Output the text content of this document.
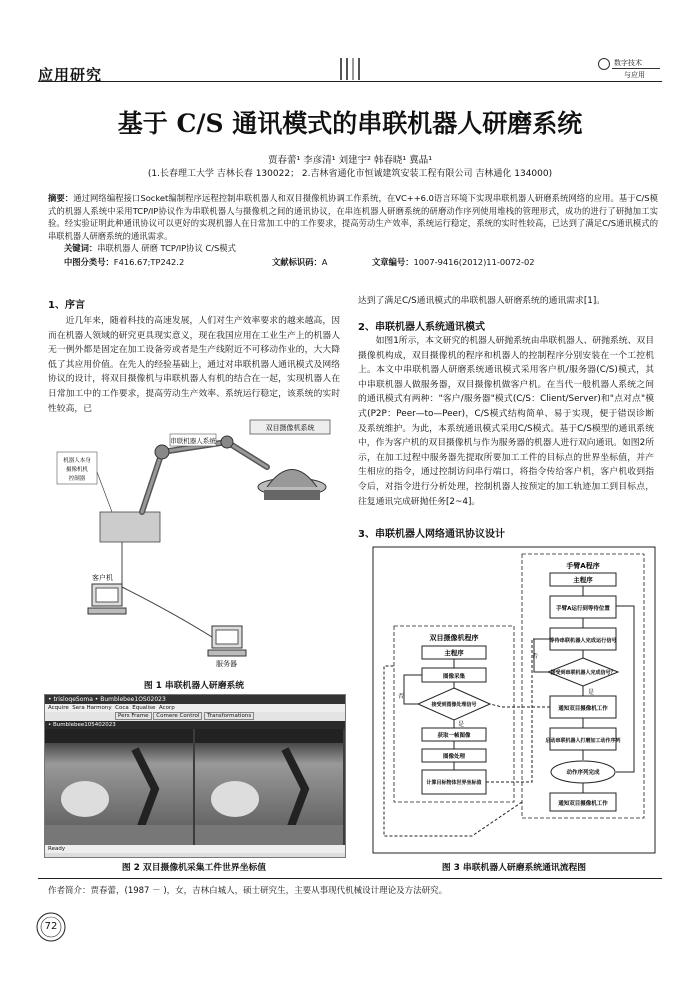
应用研究
数字技术
与应用
基于 C/S 通讯模式的串联机器人研磨系统
贾春蕾¹ 李彦清¹ 刘建宇² 韩春晓¹ 冀晶¹
(1.长春理工大学 吉林长春 130022； 2.吉林省通化市恒诚建筑安装工程有限公司 吉林通化 134000)
摘要：通过网络编程接口Socket编制程序远程控制串联机器人和双目摄像机协调工作系统，在VC++6.0语言环境下实现串联机器人研磨系统网络的应用。基于C/S模式的机器人系统中采用TCP/IP协议作为串联机器人与摄像机之间的通讯协议，在串连机器人研磨系统的研磨动作序列使用堆栈的管理形式，成功的进行了研抛加工实验。经实验证明此种通讯协议可以更好的实现机器人在日常加工中的工作要求，提高劳动生产效率，系统运行稳定，系统的实时性较高，已达到了满足C/S通讯模式的串联机器人研磨系统的通讯需求。
关键词：串联机器人 研磨 TCP/IP协议 C/S模式
中图分类号：F416.67;TP242.2	文献标识码：A	文章编号：1007-9416(2012)11-0072-02
1、序言
近几年来，随着科技的高速发展，人们对生产效率要求的越来越高，因而在机器人领域的研究更具现实意义，现在我国应用在工业生产上的机器人无一例外都是固定在加工设备旁或者是生产线附近不可移动作业的，大大降低了其应用价值。在先人的经验基础上，通过对串联机器人通讯模式及网络协议的设计，将双目摄像机与串联机器人有机的结合在一起，实现机器人在日常加工中的工作要求，提高劳动生产效率、系统运行稳定，该系统的实时性较高，已
双目摄像机系统
串联机器人系统
机器人本身
摄像机机
控制器
客户机
服务器
图 1 串联机器人研磨系统
• trisloqeSoma • Bumblebee1OS02023
Acquire Sera Harmony Coca Equalise Acorp
Pers Frame Comere Control Transformations
• Bumblebee105402023
Ready
图 2 双目摄像机采集工件世界坐标值
达到了满足C/S通讯模式的串联机器人研磨系统的通讯需求[1]。
2、串联机器人系统通讯模式
如图1所示，本文研究的机器人研抛系统由串联机器人、研抛系统、双目摄像机构成，双目摄像机的程序和机器人的控制程序分别安装在一个工控机上。本文中串联机器人研磨系统通讯模式采用客户机/服务器(C/S)模式，其中串联机器人做服务器，双目摄像机做客户机。在当代一般机器人系统之间的通讯模式有两种："客户/服务器"模式(C/S：Client/Server)和"点对点"模式(P2P：Peer—to—Peer)，C/S模式结构简单、易于实现，便于错误诊断及系统维护。为此，本系统通讯模式采用C/S模式。基于C/S模型的通讯系统中，作为客户机的双目摄像机与作为服务器的机器人进行双向通讯。如图2所示，在加工过程中服务器先提取所要加工工件的目标点的世界坐标值，并产生相应的指令，通过控制访问串行端口，将指令传给客户机，客户机收到指令后，对指令进行分析处理，控制机器人按预定的加工轨迹加工到目标点，往复通讯完成研抛任务[2~4]。
3、串联机器人网络通讯协议设计
手臂A程序
主程序
手臂A运行到等待位置
等待串联机器人完成运行信号
接受到串联机器人完成信号？
否
是
通知双目摄像机工作
启动串联机器人打磨加工动作序列
动作序列完成
通知双目摄像机工作
双目摄像机程序
主程序
图像采集
接受到图像处理信号
否
是
获取一帧图像
图像处理
计算目标物体世界坐标值
图 3 串联机器人研磨系统通讯流程图
作者简介：贾春蕾，(1987 － )，女，吉林白城人，硕士研究生，主要从事现代机械设计理论及方法研究。
72
